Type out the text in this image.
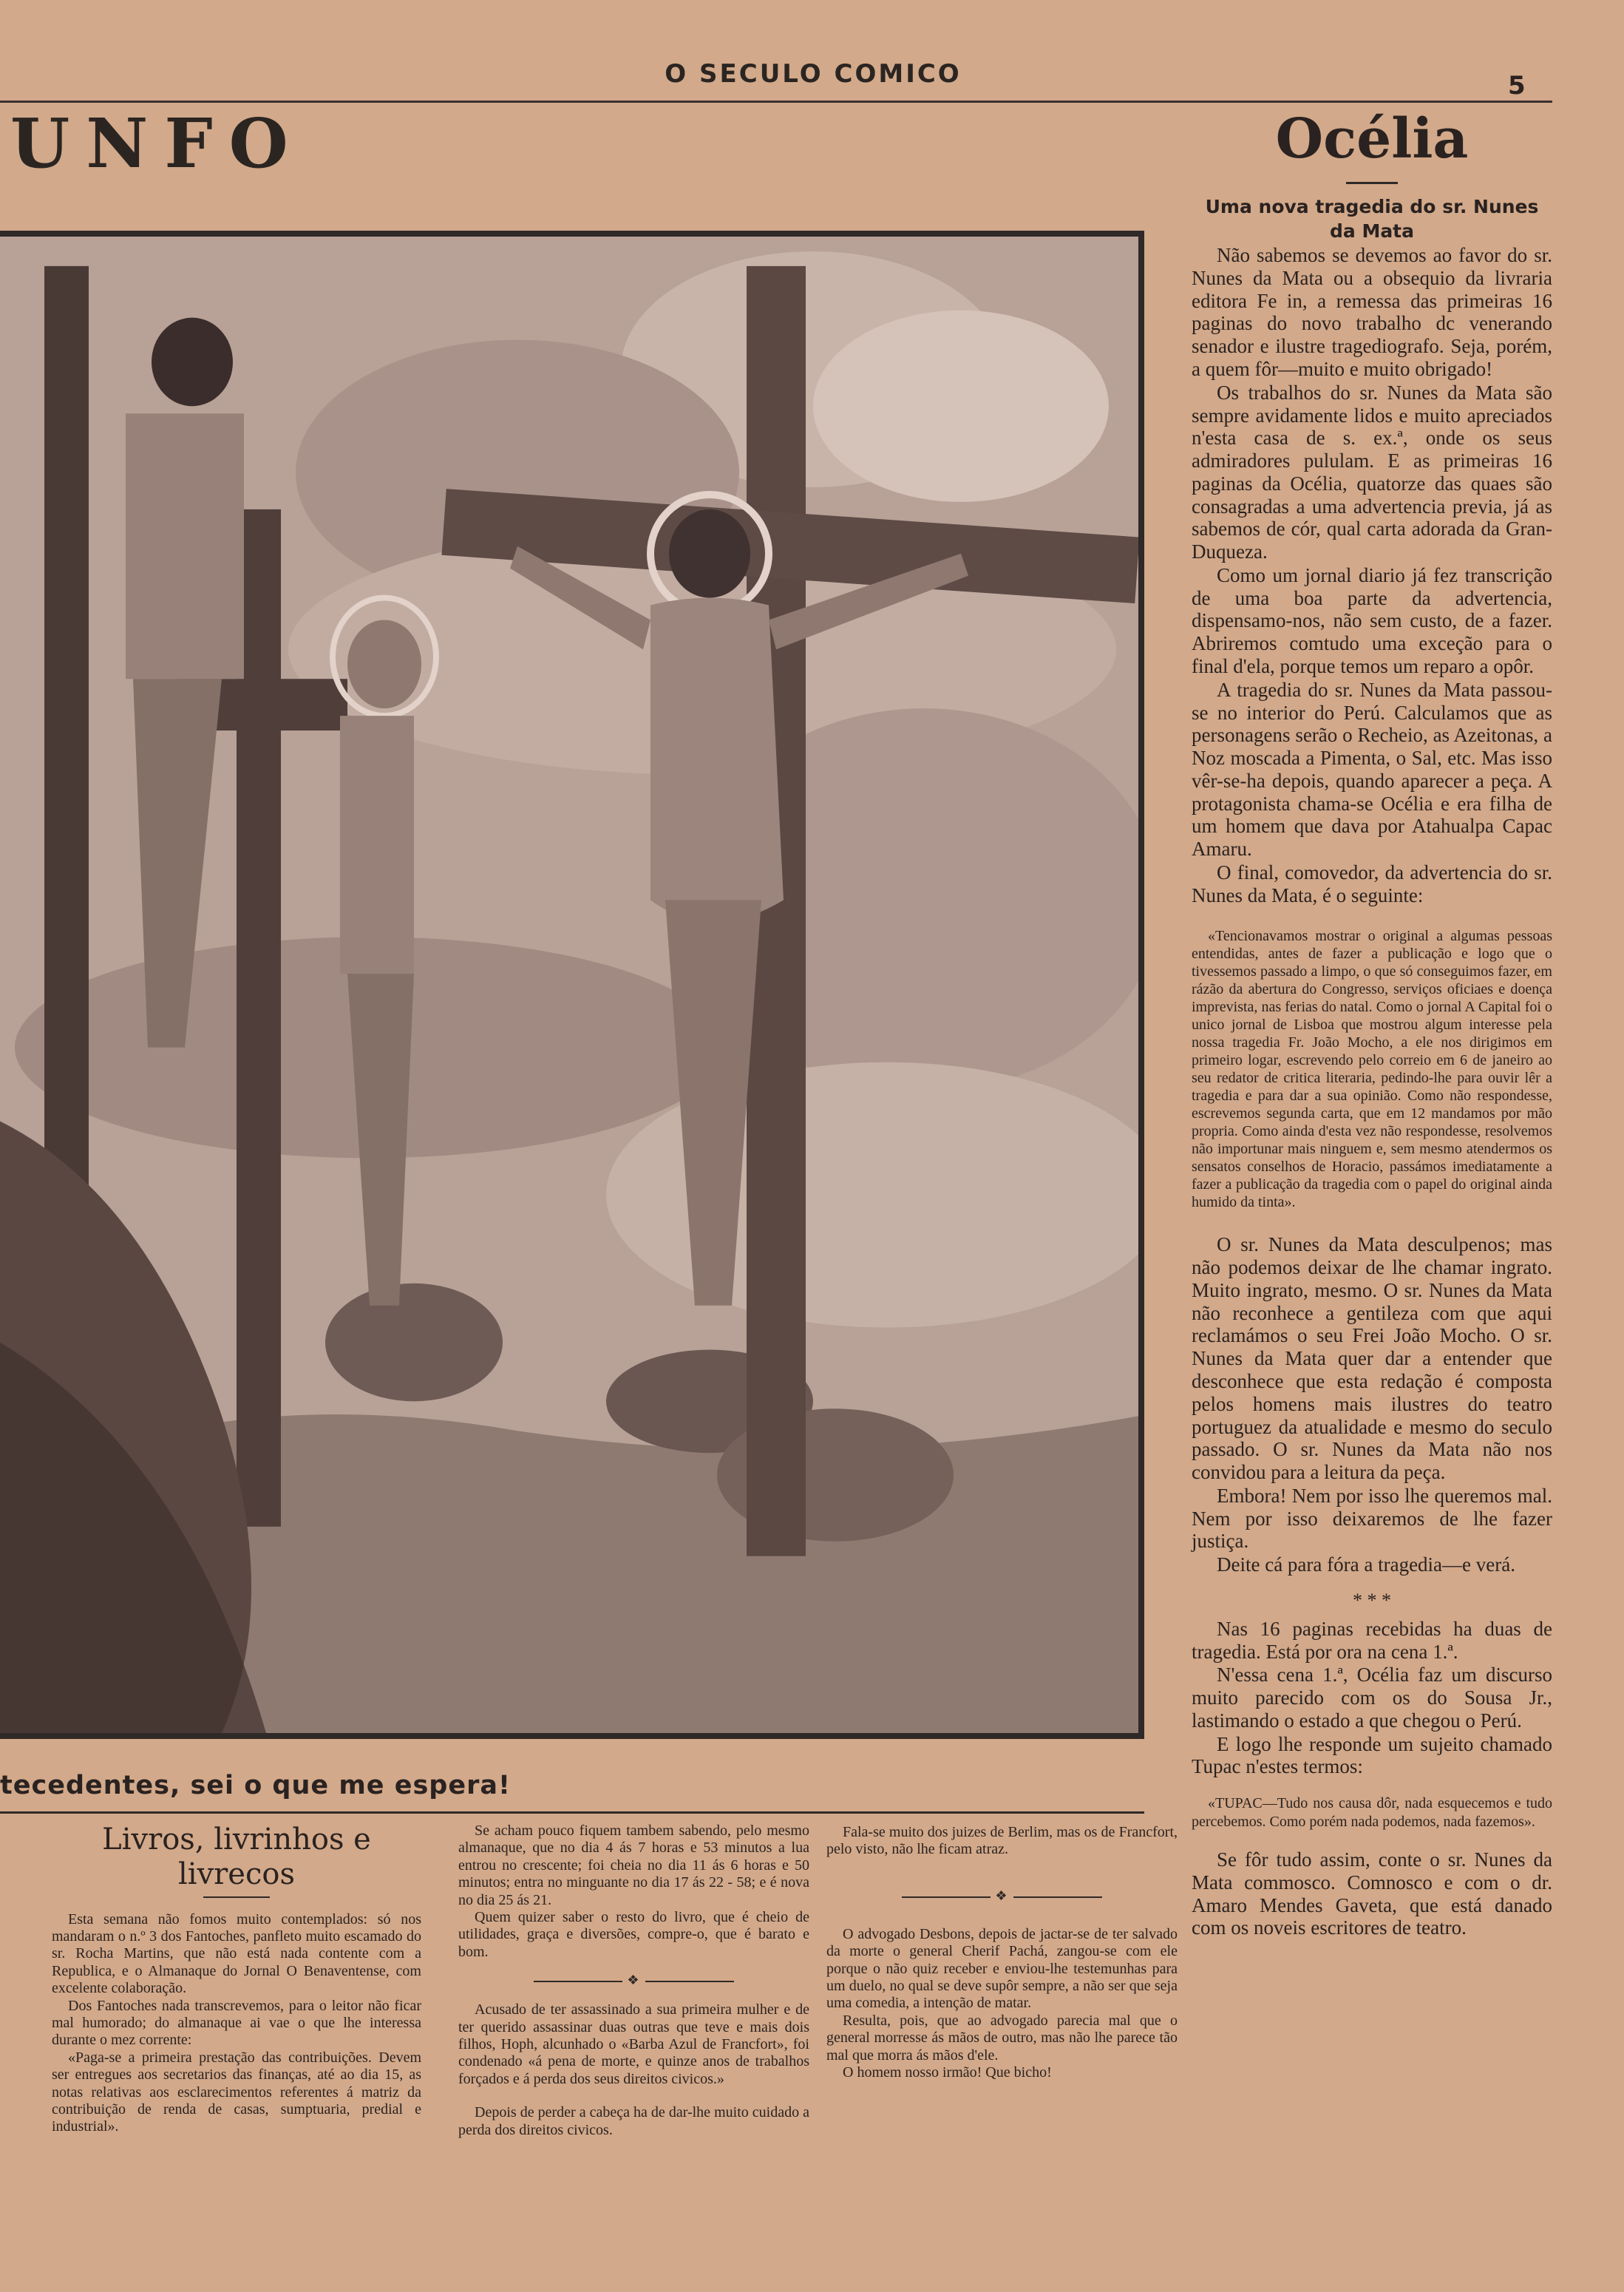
O SECULO COMICO	5
UNFO
tecedentes, sei o que me espera!
Océlia
Uma nova tragedia do sr. Nunes da Mata

Não sabemos se devemos ao favor do sr. Nunes da Mata ou a obsequio da livraria editora Fe in, a remessa das primeiras 16 paginas do novo trabalho dc venerando senador e ilustre tragediografo. Seja, porém, a quem fôr—muito e muito obrigado!

Os trabalhos do sr. Nunes da Mata são sempre avidamente lidos e muito apreciados n'esta casa de s. ex.ª, onde os seus admiradores pululam. E as primeiras 16 paginas da Océlia, quatorze das quaes são consagradas a uma advertencia previa, já as sabemos de cór, qual carta adorada da Gran-Duqueza.

Como um jornal diario já fez transcrição de uma boa parte da advertencia, dispensamo-nos, não sem custo, de a fazer. Abriremos comtudo uma exceção para o final d'ela, porque temos um reparo a opôr.

A tragedia do sr. Nunes da Mata passou-se no interior do Perú. Calculamos que as personagens serão o Recheio, as Azeitonas, a Noz moscada a Pimenta, o Sal, etc. Mas isso vêr-se-ha depois, quando aparecer a peça. A protagonista chama-se Océlia e era filha de um homem que dava por Atahualpa Capac Amaru.

O final, comovedor, da advertencia do sr. Nunes da Mata, é o seguinte:

«Tencionavamos mostrar o original a algumas pessoas entendidas, antes de fazer a publicação e logo que o tivessemos passado a limpo, o que só conseguimos fazer, em rázão da abertura do Congresso, serviços oficiaes e doença imprevista, nas ferias do natal. Como o jornal A Capital foi o unico jornal de Lisboa que mostrou algum interesse pela nossa tragedia Fr. João Mocho, a ele nos dirigimos em primeiro logar, escrevendo pelo correio em 6 de janeiro ao seu redator de critica literaria, pedindo-lhe para ouvir lêr a tragedia e para dar a sua opinião. Como não respondesse, escrevemos segunda carta, que em 12 mandamos por mão propria. Como ainda d'esta vez não respondesse, resolvemos não importunar mais ninguem e, sem mesmo atendermos os sensatos conselhos de Horacio, passámos imediatamente a fazer a publicação da tragedia com o papel do original ainda humido da tinta».

O sr. Nunes da Mata desculpenos; mas não podemos deixar de lhe chamar ingrato. Muito ingrato, mesmo. O sr. Nunes da Mata não reconhece a gentileza com que aqui reclamámos o seu Frei João Mocho. O sr. Nunes da Mata quer dar a entender que desconhece que esta redação é composta pelos homens mais ilustres do teatro portuguez da atualidade e mesmo do seculo passado. O sr. Nunes da Mata não nos convidou para a leitura da peça.

Embora! Nem por isso lhe queremos mal. Nem por isso deixaremos de lhe fazer justiça.

Deite cá para fóra a tragedia—e verá.

* * *

Nas 16 paginas recebidas ha duas de tragedia. Está por ora na cena 1.ª.

N'essa cena 1.ª, Océlia faz um discurso muito parecido com os do Sousa Jr., lastimando o estado a que chegou o Perú.

E logo lhe responde um sujeito chamado Tupac n'estes termos:

«TUPAC—Tudo nos causa dôr, nada esquecemos e tudo percebemos. Como porém nada podemos, nada fazemos».

Se fôr tudo assim, conte o sr. Nunes da Mata commosco. Comnosco e com o dr. Amaro Mendes Gaveta, que está danado com os noveis escritores de teatro.

Livros, livrinhos e livrecos

Esta semana não fomos muito contemplados: só nos mandaram o n.º 3 dos Fantoches, panfleto muito escamado do sr. Rocha Martins, que não está nada contente com a Republica, e o Almanaque do Jornal O Benaventense, com excelente colaboração.

Dos Fantoches nada transcrevemos, para o leitor não ficar mal humorado; do almanaque ai vae o que lhe interessa durante o mez corrente:

«Paga-se a primeira prestação das contribuições. Devem ser entregues aos secretarios das finanças, até ao dia 15, as notas relativas aos esclarecimentos referentes á matriz da contribuição de renda de casas, sumptuaria, predial e industrial».

Se acham pouco fiquem tambem sabendo, pelo mesmo almanaque, que no dia 4 ás 7 horas e 53 minutos a lua entrou no crescente; foi cheia no dia 11 ás 6 horas e 50 minutos; entra no minguante no dia 17 ás 22 - 58; e é nova no dia 25 ás 21.

Quem quizer saber o resto do livro, que é cheio de utilidades, graça e diversões, compre-o, que é barato e bom.

❖

Acusado de ter assassinado a sua primeira mulher e de ter querido assassinar duas outras que teve e mais dois filhos, Hoph, alcunhado o «Barba Azul de Francfort», foi condenado «á pena de morte, e quinze anos de trabalhos forçados e á perda dos seus direitos civicos.»

Depois de perder a cabeça ha de dar-lhe muito cuidado a perda dos direitos civicos.

Fala-se muito dos juizes de Berlim, mas os de Francfort, pelo visto, não lhe ficam atraz.

❖

O advogado Desbons, depois de jactar-se de ter salvado da morte o general Cherif Pachá, zangou-se com ele porque o não quiz receber e enviou-lhe testemunhas para um duelo, no qual se deve supôr sempre, a não ser que seja uma comedia, a intenção de matar.

Resulta, pois, que ao advogado parecia mal que o general morresse ás mãos de outro, mas não lhe parece tão mal que morra ás mãos d'ele.

O homem nosso irmão! Que bicho!
